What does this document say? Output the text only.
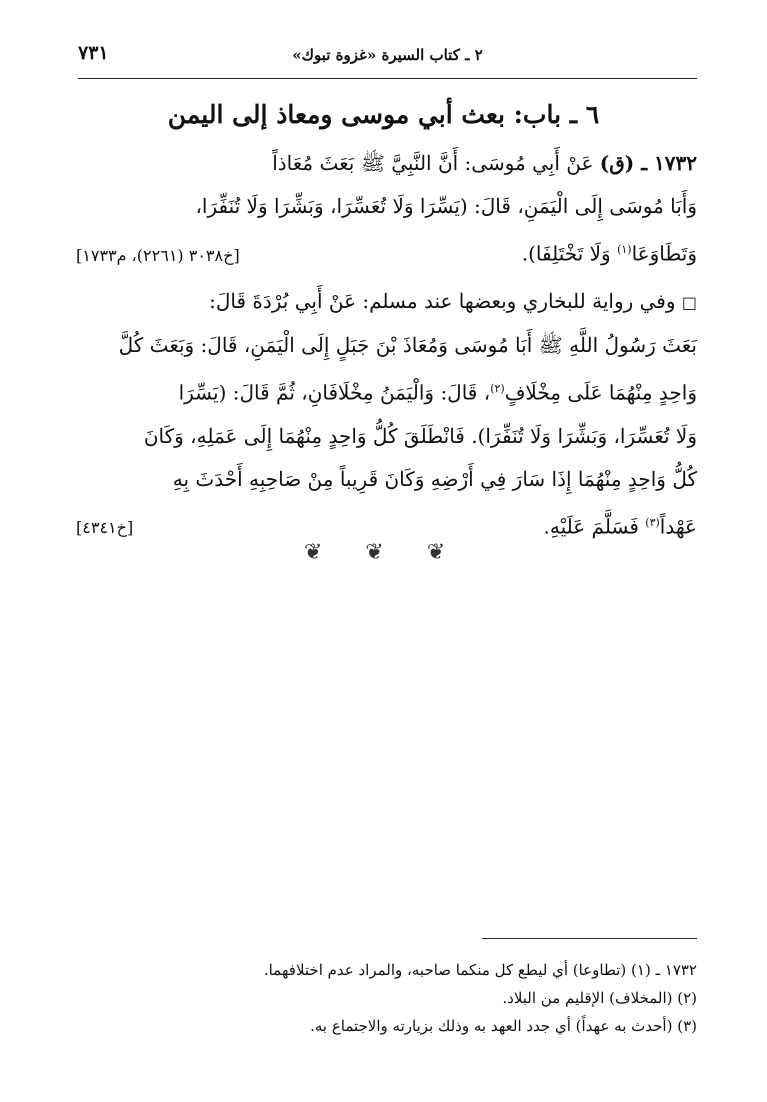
٢ ـ كتاب السيرة «غزوة تبوك»
٧٣١
٦ ـ باب: بعث أبي موسى ومعاذ إلى اليمن
١٧٣٢ ـ (ق) عَنْ أَبِي مُوسَى: أَنَّ النَّبِيَّ ﷺ بَعَثَ مُعَاذاً
وَأَبَا مُوسَى إِلَى الْيَمَنِ، قَالَ: (يَسِّرَا وَلَا تُعَسِّرَا، وَبَشِّرَا وَلَا تُنَفِّرَا،
وَتَطَاوَعَا$^{(١)}$ وَلَا تَخْتَلِفَا).
[خ٣٠٣٨ (٢٢٦١)، م١٧٣٣]
□ وفي رواية للبخاري وبعضها عند مسلم: عَنْ أَبِي بُرْدَةَ قَالَ:
بَعَثَ رَسُولُ اللَّهِ ﷺ أَبَا مُوسَى وَمُعَاذَ بْنَ جَبَلٍ إِلَى الْيَمَنِ، قَالَ: وَبَعَثَ كُلَّ
وَاحِدٍ مِنْهُمَا عَلَى مِخْلَافٍ$^{(٢)}$، قَالَ: وَالْيَمَنُ مِخْلَافَانِ، ثُمَّ قَالَ: (يَسِّرَا
وَلَا تُعَسِّرَا، وَبَشِّرَا وَلَا تُنَفِّرَا). فَانْطَلَقَ كُلُّ وَاحِدٍ مِنْهُمَا إِلَى عَمَلِهِ، وَكَانَ
كُلُّ وَاحِدٍ مِنْهُمَا إِذَا سَارَ فِي أَرْضِهِ وَكَانَ قَرِيباً مِنْ صَاحِبِهِ أَحْدَثَ بِهِ
عَهْداً$^{(٣)}$ فَسَلَّمَ عَلَيْهِ.
[خ٤٣٤١]
❦ ❦ ❦

١٧٣٢ ـ (١) (تطاوعا) أي ليطع كل منكما صاحبه، والمراد عدم اختلافهما.

(٢) (المخلاف) الإقليم من البلاد.

(٣) (أحدث به عهداً) أي جدد العهد به وذلك بزيارته والاجتماع به.
